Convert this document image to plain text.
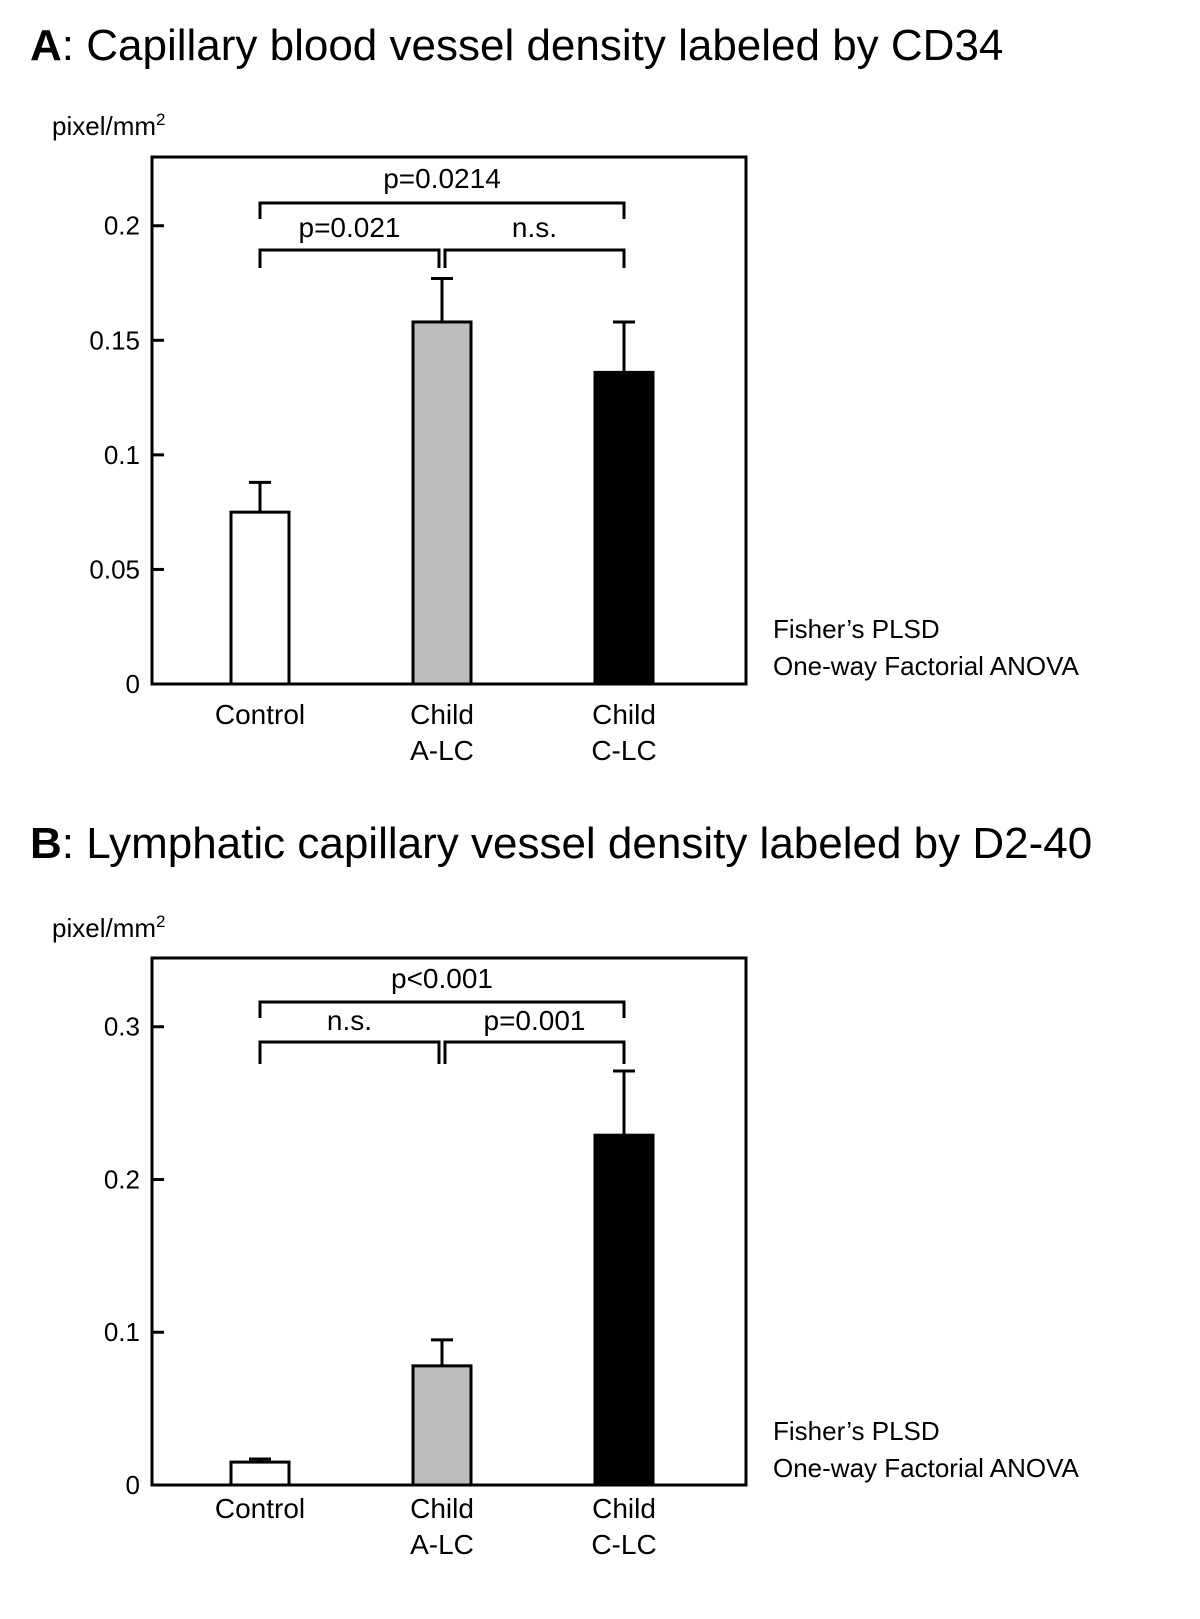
A: Capillary blood vessel density labeled by CD34
pixel/$mm^2$
0
0.05
0.1
0.15
0.2
Control	Child
A-LC
Child
C-LC
p=0.0214
p=0.021	n.s.
Fisher’s PLSD
One-way Factorial ANOVA
B: Lymphatic capillary vessel density labeled by D2-40
pixel/$mm^2$
0
0.1
0.2
0.3
Control	Child
A-LC
Child
C-LC
p<0.001
n.s.	p=0.001
Fisher’s PLSD
One-way Factorial ANOVA
